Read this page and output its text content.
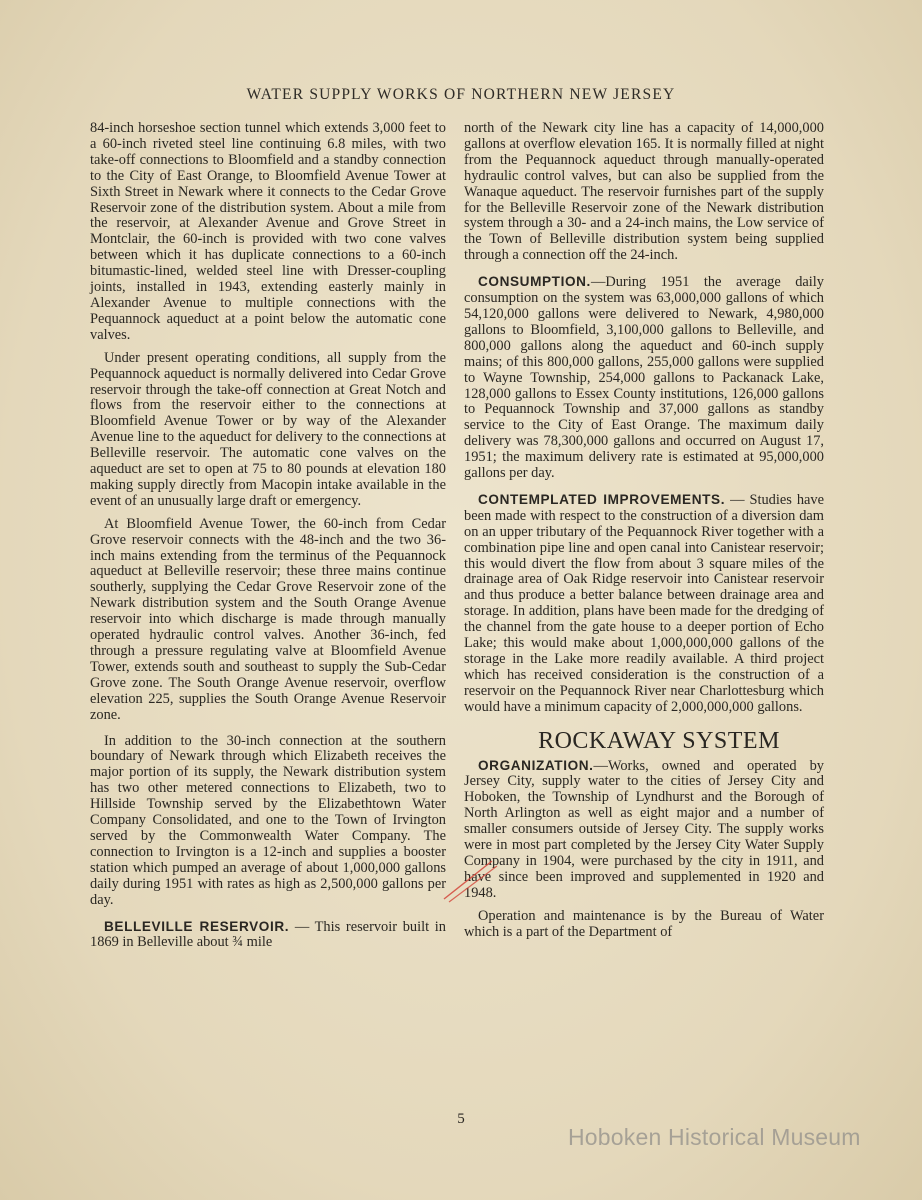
WATER SUPPLY WORKS OF NORTHERN NEW JERSEY

84-inch horseshoe section tunnel which extends 3,000 feet to a 60-inch riveted steel line continuing 6.8 miles, with two take-off connections to Bloomfield and a standby connection to the City of East Orange, to Bloomfield Avenue Tower at Sixth Street in Newark where it connects to the Cedar Grove Reservoir zone of the distribution system. About a mile from the reservoir, at Alexander Avenue and Grove Street in Montclair, the 60-inch is provided with two cone valves between which it has duplicate connections to a 60-inch bitumastic-lined, welded steel line with Dresser-coupling joints, installed in 1943, extending easterly mainly in Alexander Avenue to multiple connections with the Pequannock aqueduct at a point below the automatic cone valves.

Under present operating conditions, all supply from the Pequannock aqueduct is normally delivered into Cedar Grove reservoir through the take-off connection at Great Notch and flows from the reservoir either to the connections at Bloomfield Avenue Tower or by way of the Alexander Avenue line to the aqueduct for delivery to the connections at Belleville reservoir. The automatic cone valves on the aqueduct are set to open at 75 to 80 pounds at elevation 180 making supply directly from Macopin intake available in the event of an unusually large draft or emergency.

At Bloomfield Avenue Tower, the 60-inch from Cedar Grove reservoir connects with the 48-inch and the two 36-inch mains extending from the terminus of the Pequannock aqueduct at Belleville reservoir; these three mains continue southerly, supplying the Cedar Grove Reservoir zone of the Newark distribution system and the South Orange Avenue reservoir into which discharge is made through manually operated hydraulic control valves. Another 36-inch, fed through a pressure regulating valve at Bloomfield Avenue Tower, extends south and southeast to supply the Sub-Cedar Grove zone. The South Orange Avenue reservoir, overflow elevation 225, supplies the South Orange Avenue Reservoir zone.

In addition to the 30-inch connection at the southern boundary of Newark through which Elizabeth receives the major portion of its supply, the Newark distribution system has two other metered connections to Elizabeth, two to Hillside Township served by the Elizabethtown Water Company Consolidated, and one to the Town of Irvington served by the Commonwealth Water Company. The connection to Irvington is a 12-inch and supplies a booster station which pumped an average of about 1,000,000 gallons daily during 1951 with rates as high as 2,500,000 gallons per day.

BELLEVILLE RESERVOIR. — This reservoir built in 1869 in Belleville about ¾ mile

north of the Newark city line has a capacity of 14,000,000 gallons at overflow elevation 165. It is normally filled at night from the Pequannock aqueduct through manually-operated hydraulic control valves, but can also be supplied from the Wanaque aqueduct. The reservoir furnishes part of the supply for the Belleville Reservoir zone of the Newark distribution system through a 30- and a 24-inch mains, the Low service of the Town of Belleville distribution system being supplied through a connection off the 24-inch.

CONSUMPTION.—During 1951 the average daily consumption on the system was 63,000,000 gallons of which 54,120,000 gallons were delivered to Newark, 4,980,000 gallons to Bloomfield, 3,100,000 gallons to Belleville, and 800,000 gallons along the aqueduct and 60-inch supply mains; of this 800,000 gallons, 255,000 gallons were supplied to Wayne Township, 254,000 gallons to Packanack Lake, 128,000 gallons to Essex County institutions, 126,000 gallons to Pequannock Township and 37,000 gallons as standby service to the City of East Orange. The maximum daily delivery was 78,300,000 gallons and occurred on August 17, 1951; the maximum delivery rate is estimated at 95,000,000 gallons per day.

CONTEMPLATED IMPROVEMENTS. — Studies have been made with respect to the construction of a diversion dam on an upper tributary of the Pequannock River together with a combination pipe line and open canal into Canistear reservoir; this would divert the flow from about 3 square miles of the drainage area of Oak Ridge reservoir into Canistear reservoir and thus produce a better balance between drainage area and storage. In addition, plans have been made for the dredging of the channel from the gate house to a deeper portion of Echo Lake; this would make about 1,000,000,000 gallons of the storage in the Lake more readily available. A third project which has received consideration is the construction of a reservoir on the Pequannock River near Charlottesburg which would have a minimum capacity of 2,000,000,000 gallons.

ROCKAWAY SYSTEM

ORGANIZATION.—Works, owned and operated by Jersey City, supply water to the cities of Jersey City and Hoboken, the Township of Lyndhurst and the Borough of North Arlington as well as eight major and a number of smaller consumers outside of Jersey City. The supply works were in most part completed by the Jersey City Water Supply Company in 1904, were purchased by the city in 1911, and have since been improved and supplemented in 1920 and 1948.

Operation and maintenance is by the Bureau of Water which is a part of the Department of

5
Hoboken Historical Museum
